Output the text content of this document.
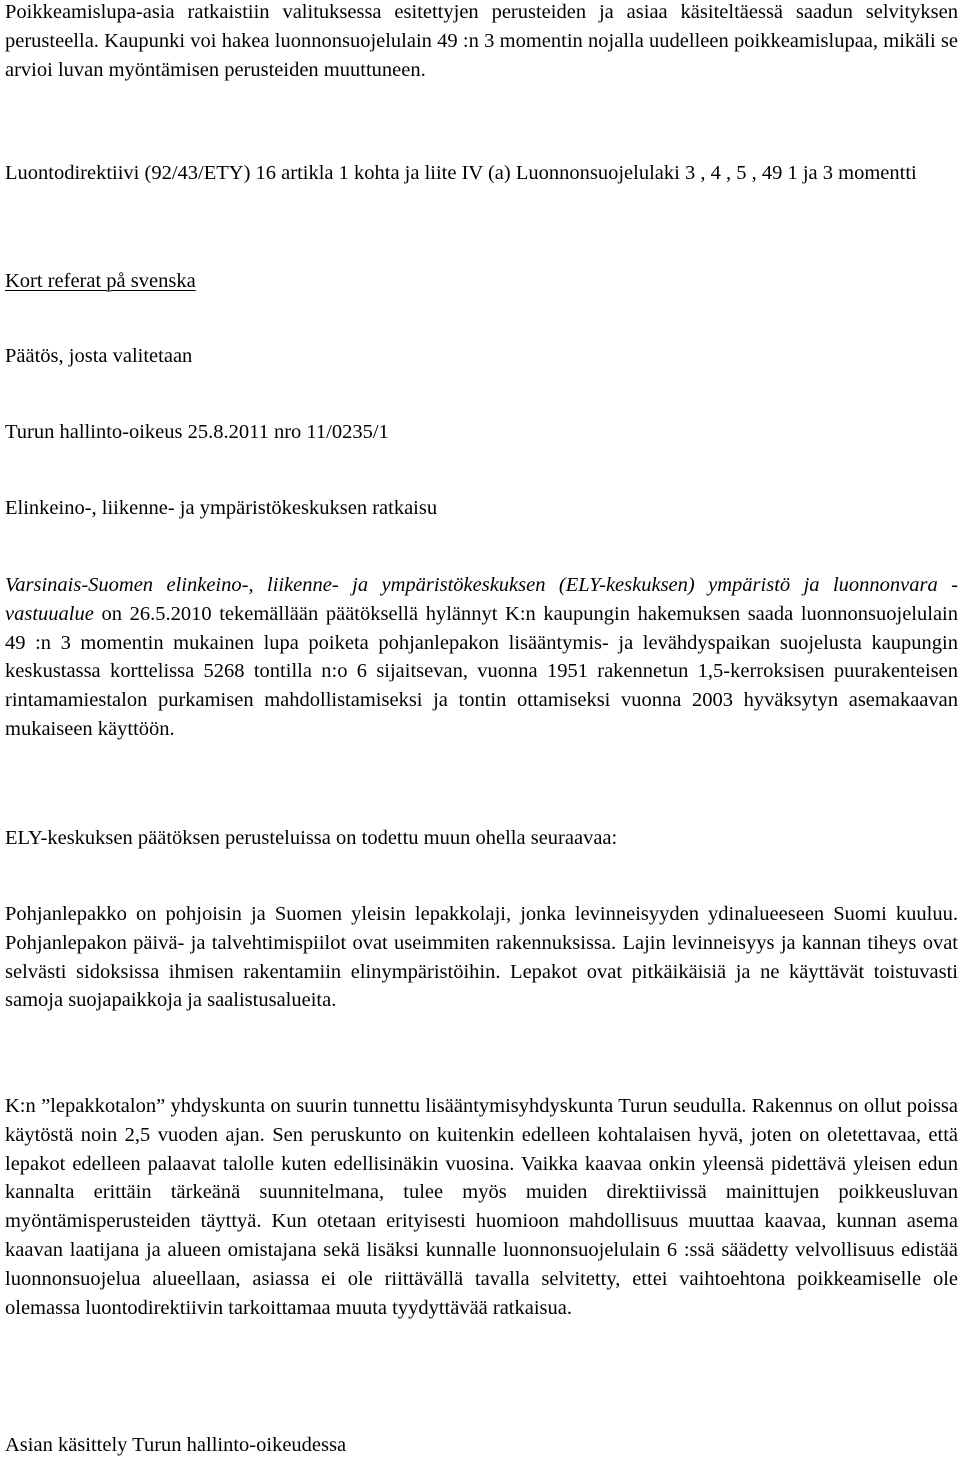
Poikkeamislupa-asia ratkaistiin valituksessa esitettyjen perusteiden ja asiaa käsiteltäessä saadun selvityksen perusteella. Kaupunki voi hakea luonnonsuojelulain 49 :n 3 momentin nojalla uudelleen poikkeamislupaa, mikäli se arvioi luvan myöntämisen perusteiden muuttuneen.

Luontodirektiivi (92/43/ETY) 16 artikla 1 kohta ja liite IV (a) Luonnonsuojelulaki 3 , 4 , 5 , 49 1 ja 3 momentti

Kort referat på svenska

Päätös, josta valitetaan

Turun hallinto-oikeus 25.8.2011 nro 11/0235/1

Elinkeino-, liikenne- ja ympäristökeskuksen ratkaisu

Varsinais-Suomen elinkeino-, liikenne- ja ympäristökeskuksen (ELY-keskuksen) ympäristö ja luonnonvara -vastuualue on 26.5.2010 tekemällään päätöksellä hylännyt K:n kaupungin hakemuksen saada luonnonsuojelulain 49 :n 3 momentin mukainen lupa poiketa pohjanlepakon lisääntymis- ja levähdyspaikan suojelusta kaupungin keskustassa korttelissa 5268 tontilla n:o 6 sijaitsevan, vuonna 1951 rakennetun 1,5-kerroksisen puurakenteisen rintamamiestalon purkamisen mahdollistamiseksi ja tontin ottamiseksi vuonna 2003 hyväksytyn asemakaavan mukaiseen käyttöön.

ELY-keskuksen päätöksen perusteluissa on todettu muun ohella seuraavaa:

Pohjanlepakko on pohjoisin ja Suomen yleisin lepakkolaji, jonka levinneisyyden ydinalueeseen Suomi kuuluu. Pohjanlepakon päivä- ja talvehtimispiilot ovat useimmiten rakennuksissa. Lajin levinneisyys ja kannan tiheys ovat selvästi sidoksissa ihmisen rakentamiin elinympäristöihin. Lepakot ovat pitkäikäisiä ja ne käyttävät toistuvasti samoja suojapaikkoja ja saalistusalueita.

K:n ”lepakkotalon” yhdyskunta on suurin tunnettu lisääntymisyhdyskunta Turun seudulla. Rakennus on ollut poissa käytöstä noin 2,5 vuoden ajan. Sen peruskunto on kuitenkin edelleen kohtalaisen hyvä, joten on oletettavaa, että lepakot edelleen palaavat talolle kuten edellisinäkin vuosina. Vaikka kaavaa onkin yleensä pidettävä yleisen edun kannalta erittäin tärkeänä suunnitelmana, tulee myös muiden direktiivissä mainittujen poikkeusluvan myöntämisperusteiden täyttyä. Kun otetaan erityisesti huomioon mahdollisuus muuttaa kaavaa, kunnan asema kaavan laatijana ja alueen omistajana sekä lisäksi kunnalle luonnonsuojelulain 6 :ssä säädetty velvollisuus edistää luonnonsuojelua alueellaan, asiassa ei ole riittävällä tavalla selvitetty, ettei vaihtoehtona poikkeamiselle ole olemassa luontodirektiivin tarkoittamaa muuta tyydyttävää ratkaisua.

Asian käsittely Turun hallinto-oikeudessa
